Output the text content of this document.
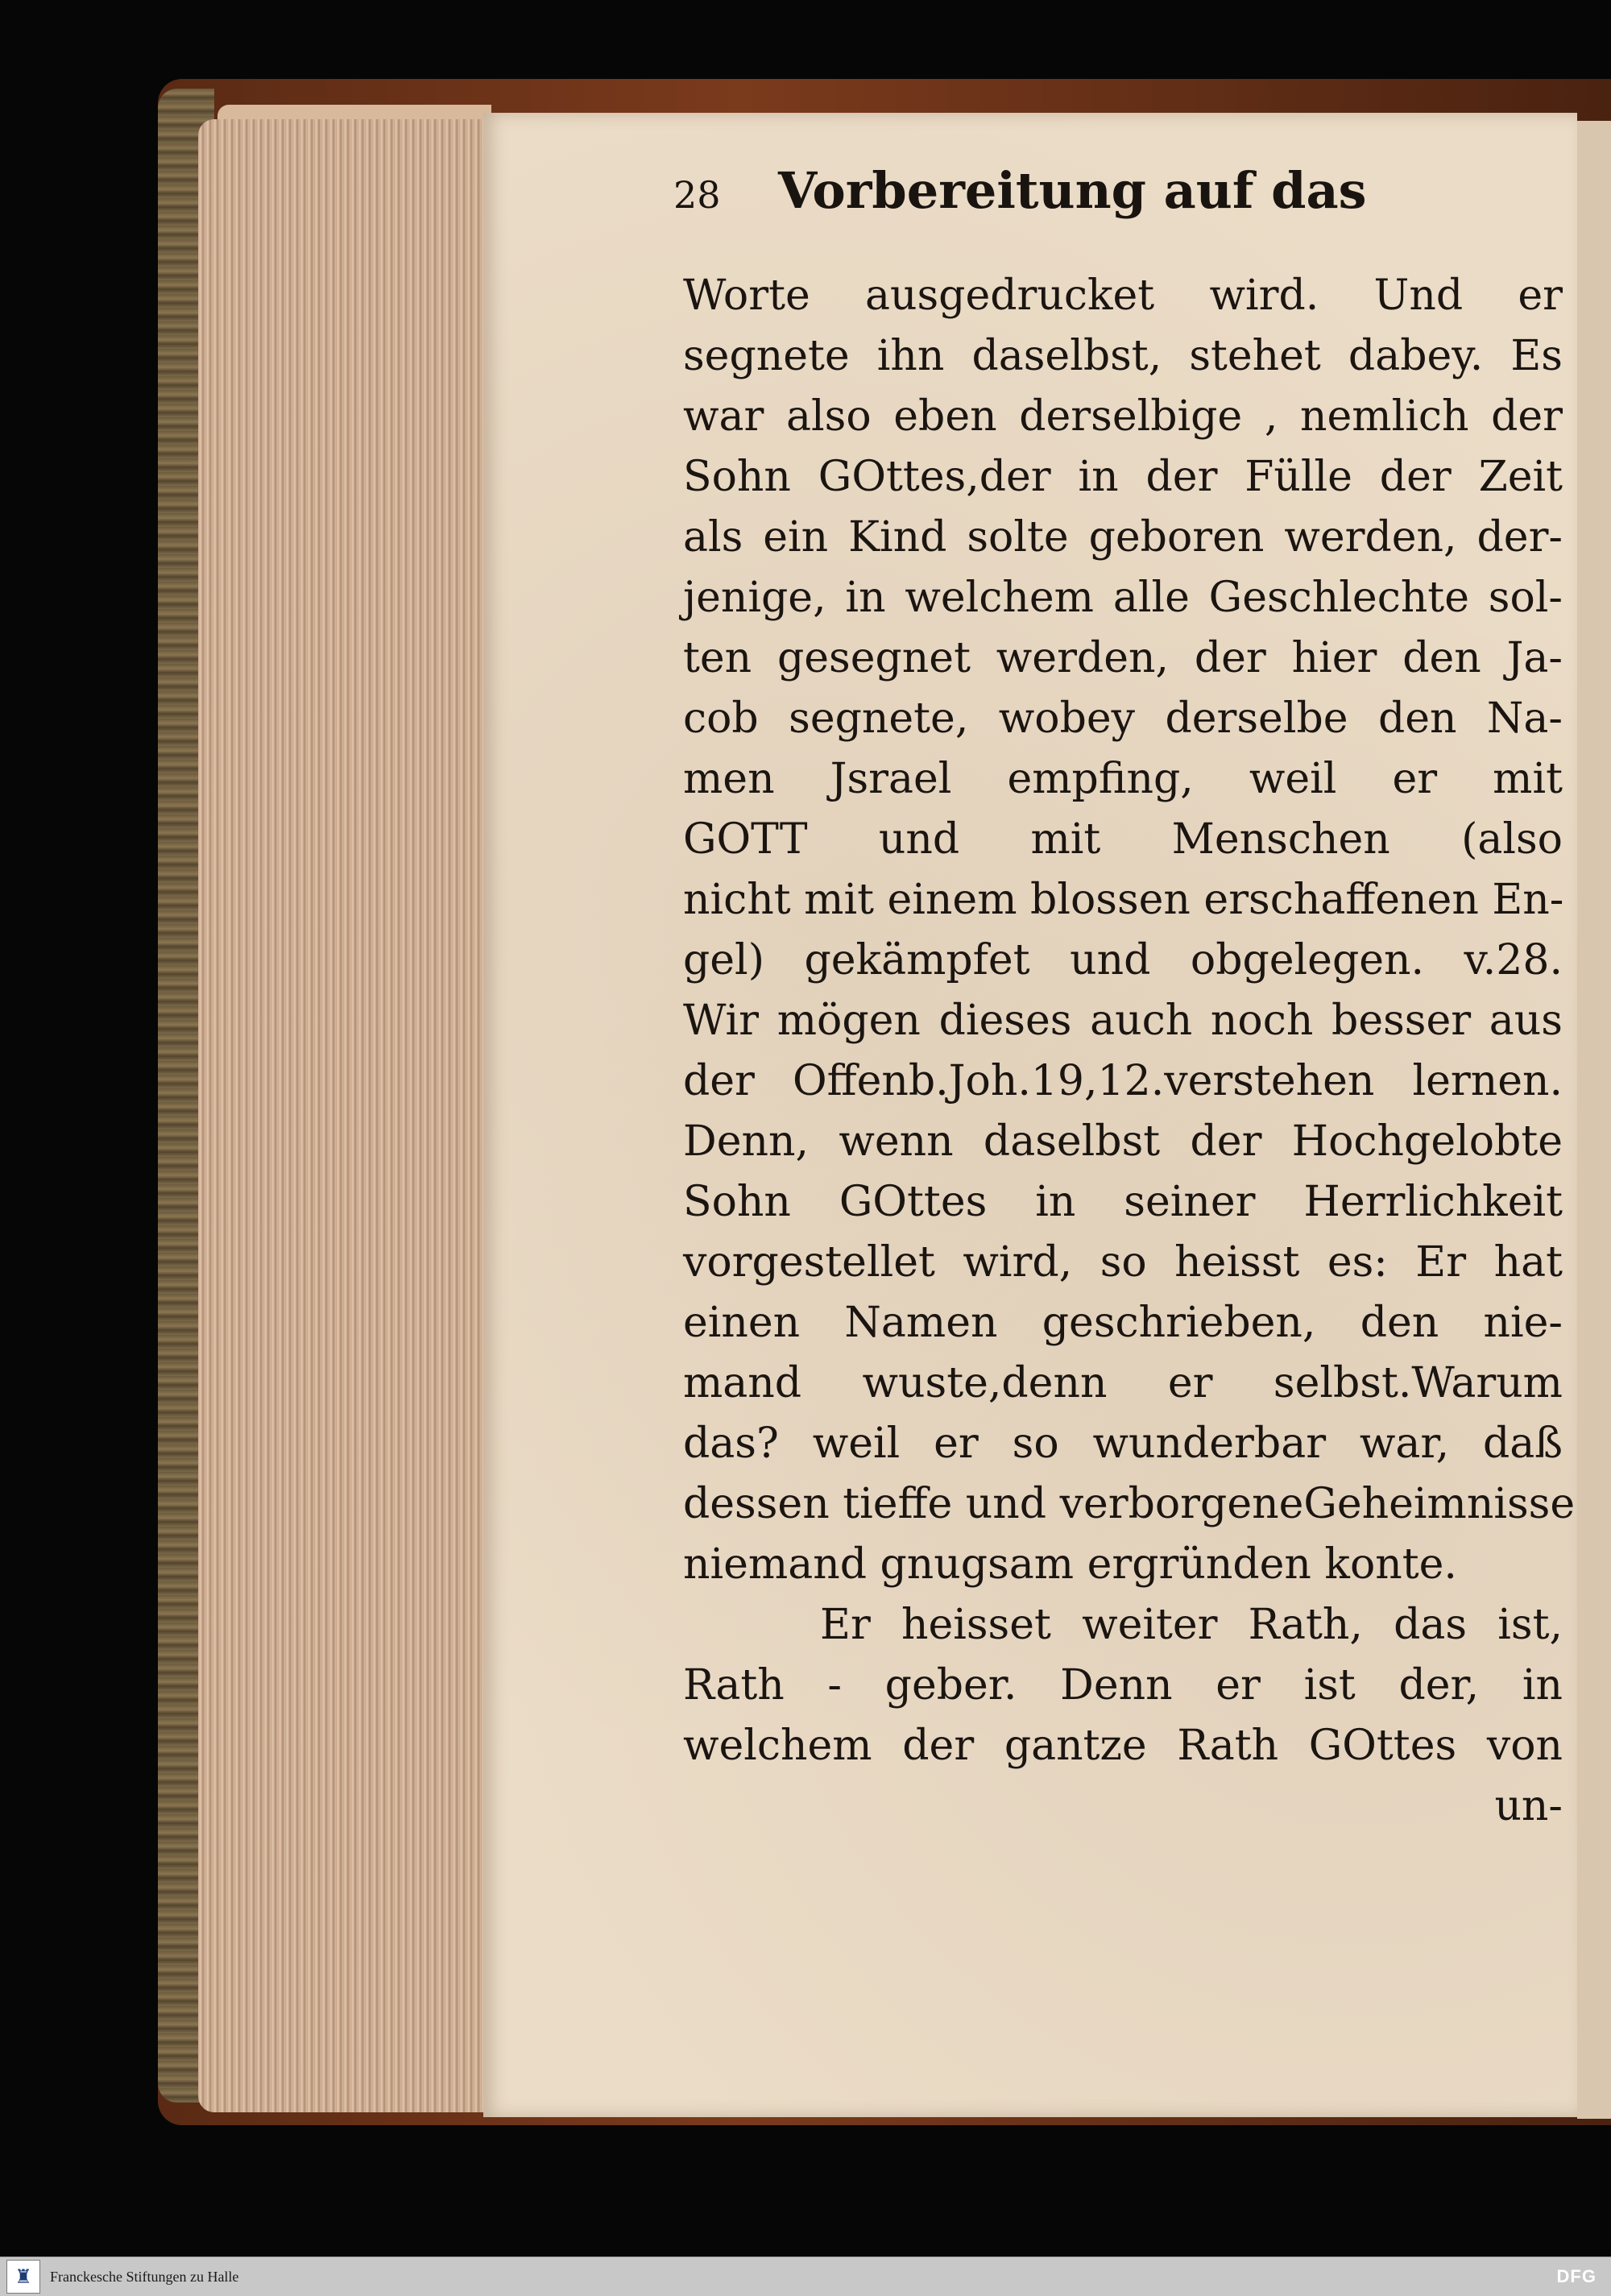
28	Vorbereitung auf das
Worte ausgedrucket wird. Und er
segnete ihn daselbst, stehet dabey. Es
war also eben derselbige , nemlich der
Sohn GOttes,der in der Fülle der Zeit
als ein Kind solte geboren werden, der-
jenige, in welchem alle Geschlechte sol-
ten gesegnet werden, der hier den Ja-
cob segnete, wobey derselbe den Na-
men Jsrael empfing, weil er mit
GOTT und mit Menschen (also
nicht mit einem blossen erschaffenen En-
gel) gekämpfet und obgelegen. v.28.
Wir mögen dieses auch noch besser aus
der Offenb.Joh.19,12.verstehen lernen.
Denn, wenn daselbst der Hochgelobte
Sohn GOttes in seiner Herrlichkeit
vorgestellet wird, so heisst es: Er hat
einen Namen geschrieben, den nie-
mand wuste,denn er selbst.Warum
das? weil er so wunderbar war, daß
dessen tieffe und verborgeneGeheimnisse
niemand gnugsam ergründen konte.
Er heisset weiter Rath, das ist,
Rath - geber. Denn er ist der, in
welchem der gantze Rath GOttes von
un-
♜ Franckesche Stiftungen zu Halle	DFG
